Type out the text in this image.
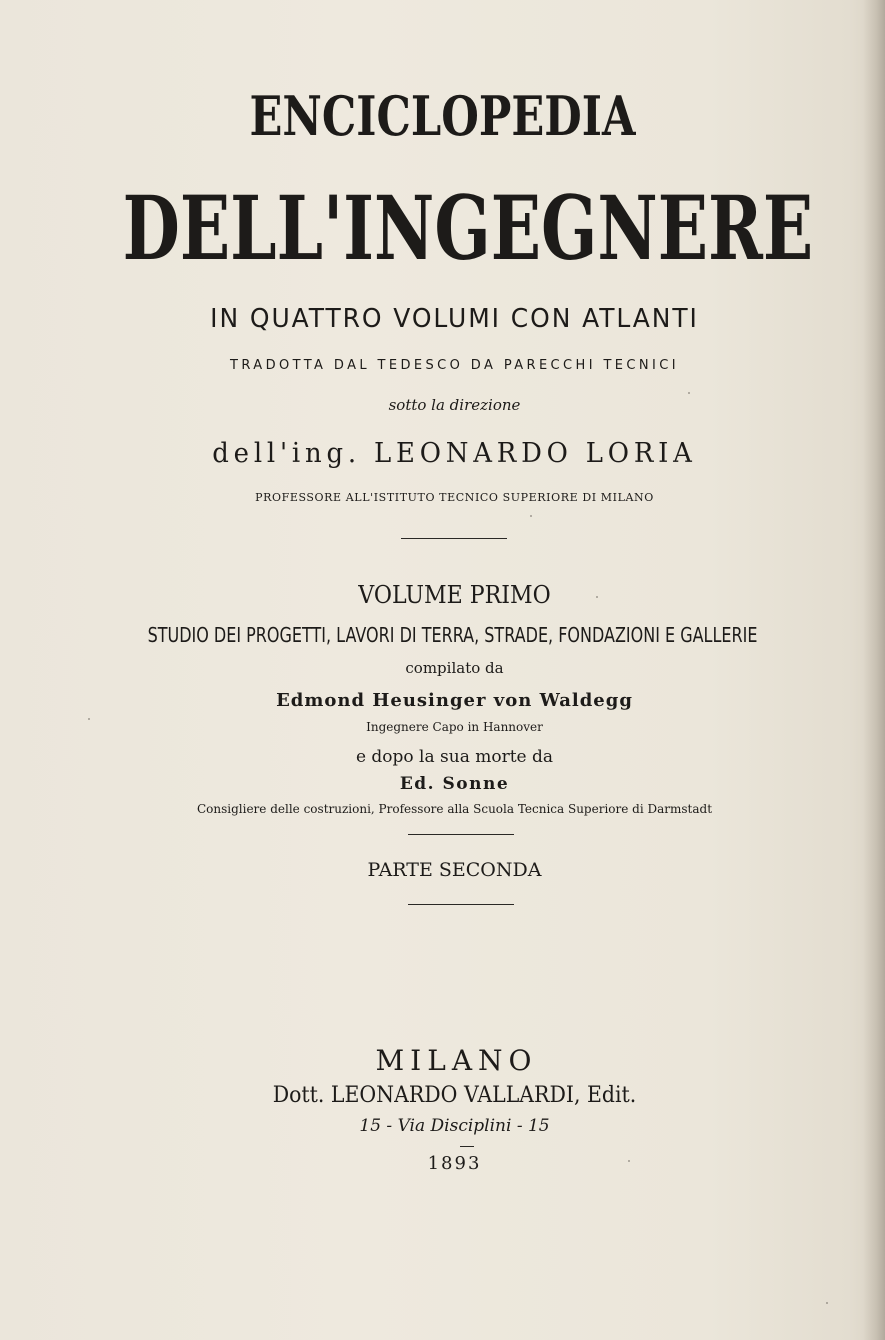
ENCICLOPEDIA
DELL'INGEGNERE
IN QUATTRO VOLUMI CON ATLANTI
TRADOTTA DAL TEDESCO DA PARECCHI TECNICI
sotto la direzione
dell'ing. LEONARDO LORIA
PROFESSORE ALL'ISTITUTO TECNICO SUPERIORE DI MILANO
VOLUME PRIMO
STUDIO DEI PROGETTI, LAVORI DI TERRA, STRADE, FONDAZIONI E GALLERIE
compilato da
Edmond Heusinger von Waldegg
Ingegnere Capo in Hannover
e dopo la sua morte da
Ed. Sonne
Consigliere delle costruzioni, Professore alla Scuola Tecnica Superiore di Darmstadt
PARTE SECONDA
MILANO
Dott. LEONARDO VALLARDI, Edit.
15 - Via Disciplini - 15
1893
